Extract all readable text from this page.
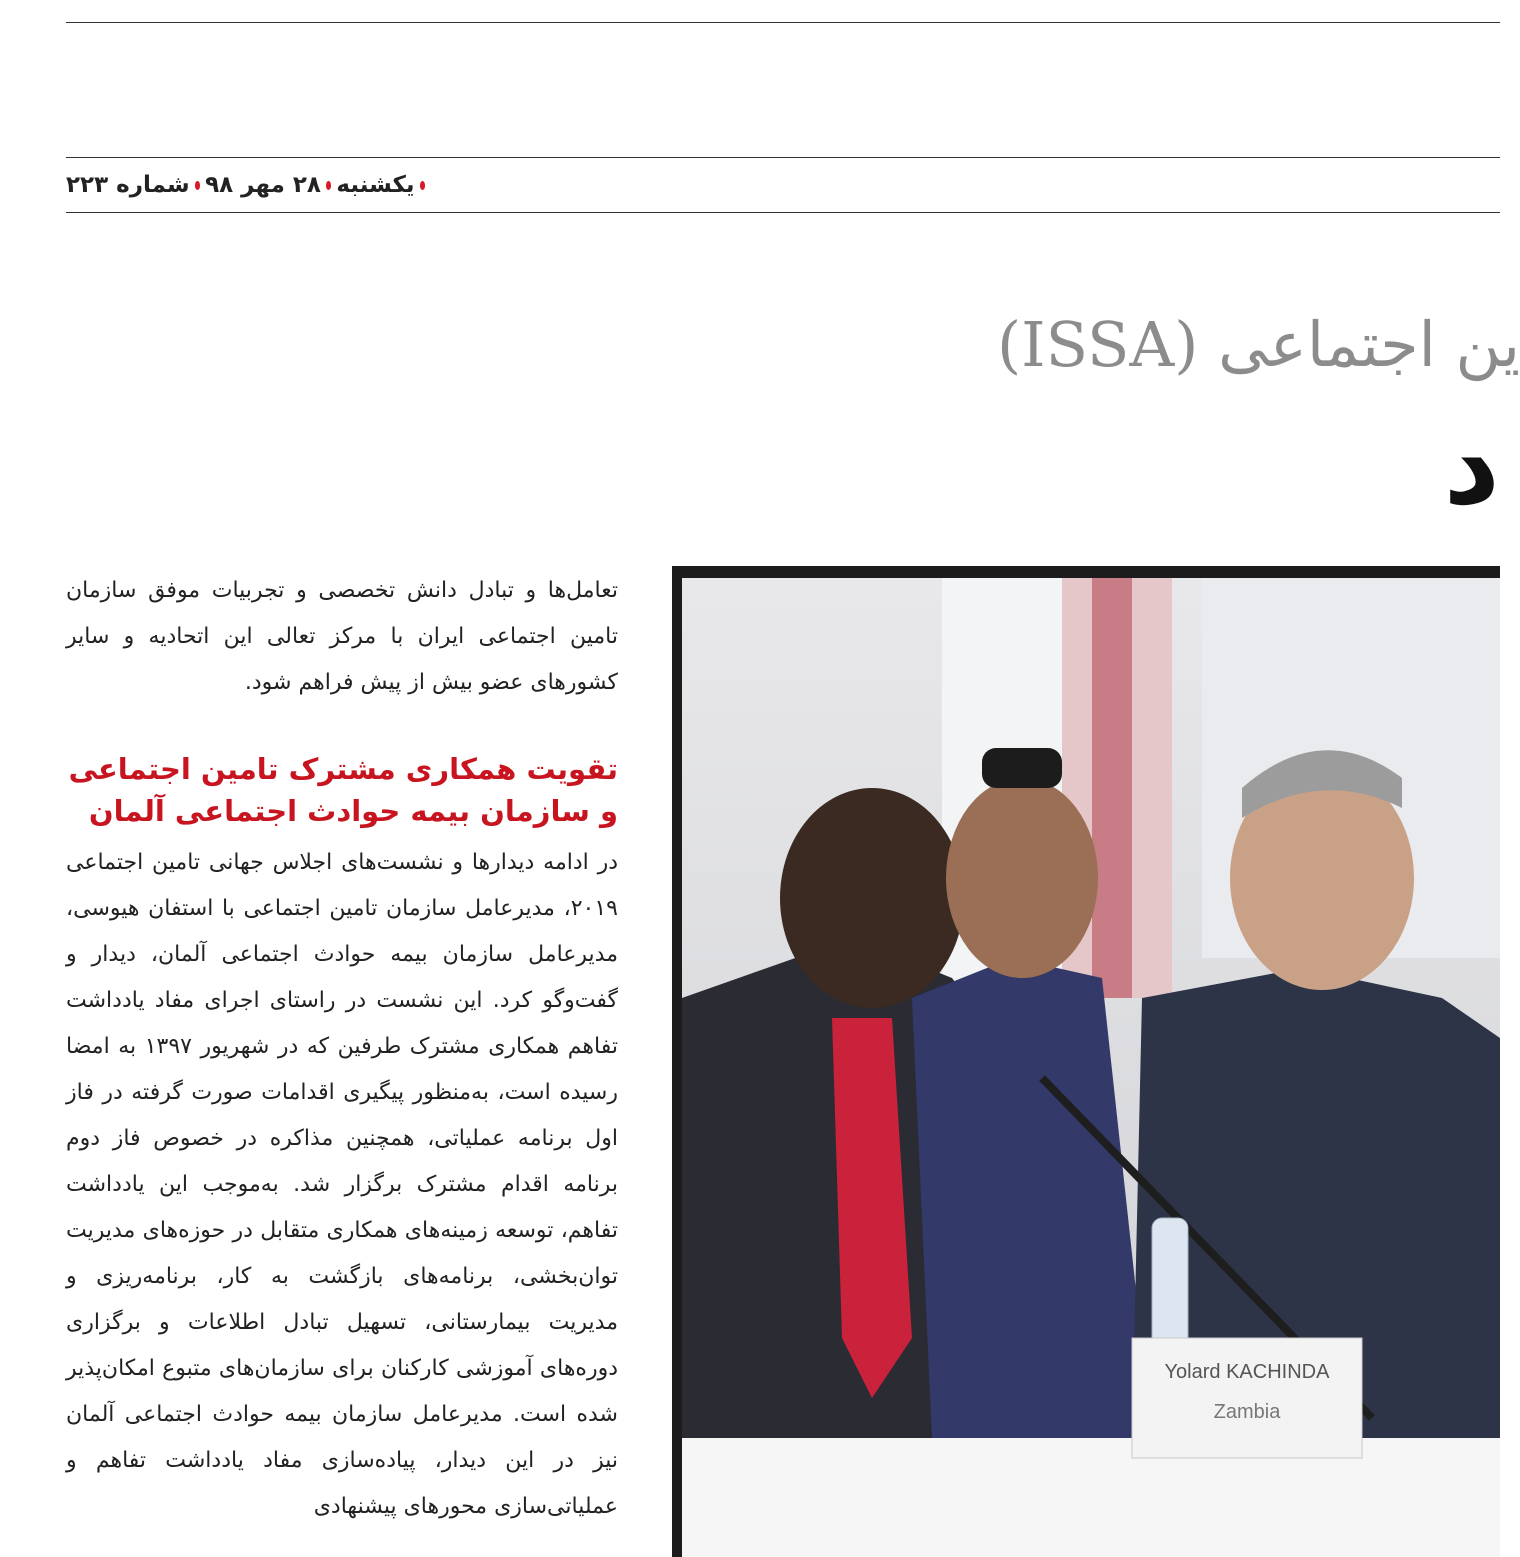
یکشنبه
۲۸ مهر ۹۸
شماره ۲۲۳
ین اجتماعی (ISSA)
د
تعامل‌ها و تبادل دانش تخصصی و تجربیات موفق سازمان تامین اجتماعی ایران با مرکز تعالی این اتحادیه و سایر کشورهای عضو بیش از پیش فراهم شود.
تقویت همکاری مشترک تامین اجتماعی و سازمان بیمه حوادث اجتماعی آلمان
در ادامه دیدارها و نشست‌های اجلاس جهانی تامین اجتماعی ۲۰۱۹، مدیرعامل سازمان تامین اجتماعی با استفان هیوسی، مدیرعامل سازمان بیمه حوادث اجتماعی آلمان، دیدار و گفت‌وگو کرد. این نشست در راستای اجرای مفاد یادداشت تفاهم همکاری مشترک طرفین که در شهریور ۱۳۹۷ به امضا رسیده است، به‌منظور پیگیری اقدامات صورت گرفته در فاز اول برنامه عملیاتی، همچنین مذاکره در خصوص فاز دوم برنامه اقدام مشترک برگزار شد. به‌موجب این یادداشت تفاهم، توسعه زمینه‌های همکاری متقابل در حوزه‌های مدیریت توان‌بخشی، برنامه‌های بازگشت به کار، برنامه‌ریزی و مدیریت بیمارستانی، تسهیل تبادل اطلاعات و برگزاری دوره‌های آموزشی کارکنان برای سازمان‌های متبوع امکان‌پذیر شده است. مدیرعامل سازمان بیمه حوادث اجتماعی آلمان نیز در این دیدار، پیاده‌سازی مفاد یادداشت تفاهم و عملیاتی‌سازی محورهای پیشنهادی
Yolard KACHINDA
Zambia
